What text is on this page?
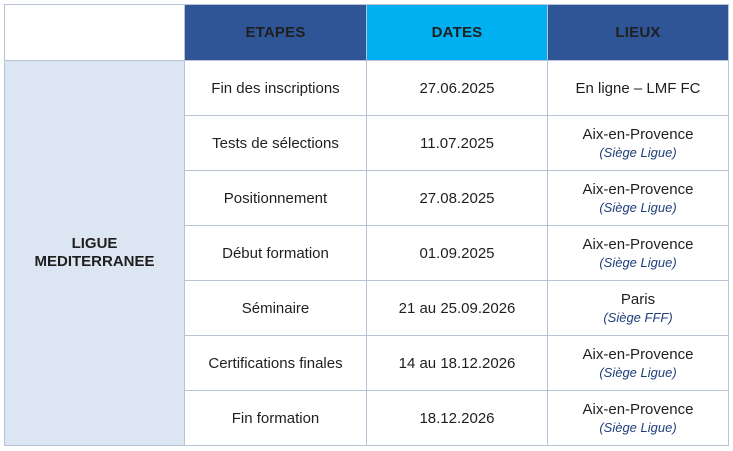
	ETAPES	DATES	LIEUX
LIGUE
MEDITERRANEE	Fin des inscriptions	27.06.2025	En ligne – LMF FC

	Tests de sélections	11.07.2025	Aix-en-Provence
(Siège Ligue)

	Positionnement	27.08.2025	Aix-en-Provence
(Siège Ligue)

	Début formation	01.09.2025	Aix-en-Provence
(Siège Ligue)

	Séminaire	21 au 25.09.2026	Paris
(Siège FFF)

	Certifications finales	14 au 18.12.2026	Aix-en-Provence
(Siège Ligue)

	Fin formation	18.12.2026	Aix-en-Provence
(Siège Ligue)
